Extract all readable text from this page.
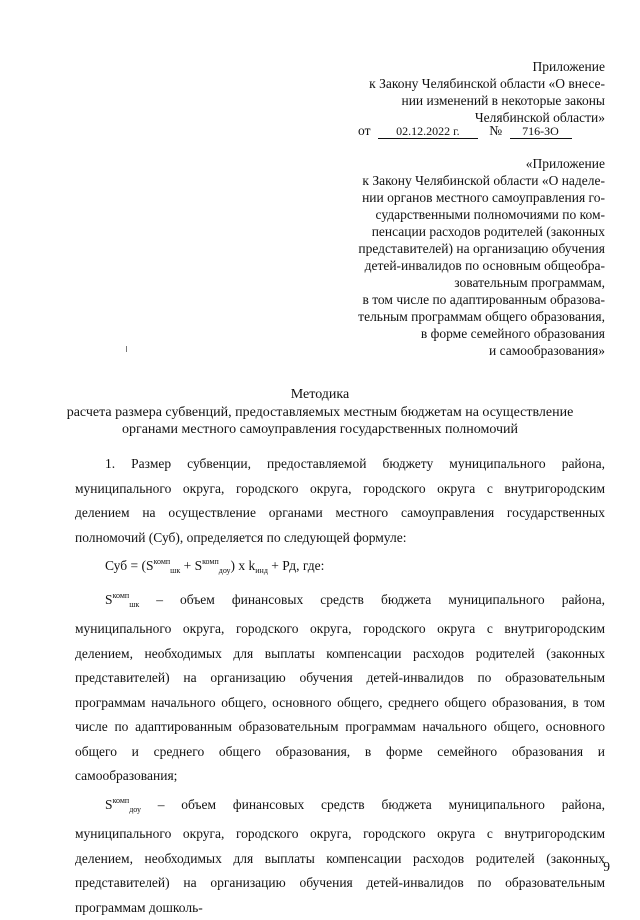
Приложение
к Закону Челябинской области «О внесе-
нии изменений в некоторые законы
Челябинской области»
от 02.12.2022 г. № 716-ЗО
«Приложение
к Закону Челябинской области «О наделе-
нии органов местного самоуправления го-
сударственными полномочиями по ком-
пенсации расходов родителей (законных
представителей) на организацию обучения
детей-инвалидов по основным общеобра-
зовательным программам,
в том числе по адаптированным образова-
тельным программам общего образования,
в форме семейного образования
и самообразования»
Методика
расчета размера субвенций, предоставляемых местным бюджетам на осуществление
органами местного самоуправления государственных полномочий

1. Размер субвенции, предоставляемой бюджету муниципального района, муниципального округа, городского округа, городского округа с внутригородским делением на осуществление органами местного самоуправления государственных полномочий (Суб), определяется по следующей формуле:

Суб = $(S^{комп}_{шк} + S^{комп}_{доу})$ x $k_{инд}$ + Рд, где:

$S^{комп}_{шк}$ – объем финансовых средств бюджета муниципального района, муниципального округа, городского округа, городского округа с внутригородским делением, необходимых для выплаты компенсации расходов родителей (законных представителей) на организацию обучения детей-инвалидов по образовательным программам начального общего, основного общего, среднего общего образования, в том числе по адаптированным образовательным программам начального общего, основного общего и среднего общего образования, в форме семейного образования и самообразования;

$S^{комп}_{доу}$ – объем финансовых средств бюджета муниципального района, муниципального округа, городского округа, городского округа с внутригородским делением, необходимых для выплаты компенсации расходов родителей (законных представителей) на организацию обучения детей-инвалидов по образовательным программам дошколь-

9
